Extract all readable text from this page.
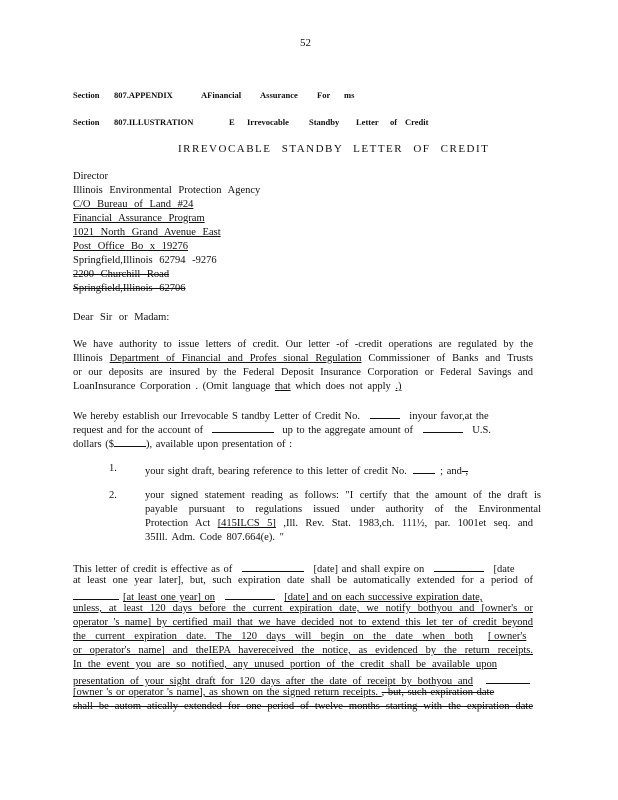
52
Section 807.APPENDIX	AFinancial Assurance For ms
Section 807.ILLUSTRATION	E Irrevocable Standby Letter of Credit
IRREVOCABLE STANDBY LETTER OF CREDIT
Director
Illinois Environmental Protection Agency
C/O Bureau of Land #24
Financial Assurance Program
1021 North Grand Avenue East
Post Office Bo x 19276
Springfield,Illinois 62794 -9276
2200 Churchill Road
Springfield,Illinois 62706
Dear Sir or Madam:
We have authority to issue letters of credit. Our letter -of -credit operations are regulated by the
Illinois Department of Financial and Profes sional Regulation Commissioner of Banks and Trusts
or our deposits are insured by the Federal Deposit Insurance Corporation or Federal Savings and
LoanInsurance Corporation . (Omit language that which does not apply .)
We hereby establish our Irrevocable S tandby Letter of Credit No.	inyour favor,at the
request and for the account of	up to the aggregate amount of	U.S.
dollars ($	), available upon presentation of :
1.	your sight draft, bearing reference to this letter of credit No.	; and ,
2.	your signed statement reading as follows: "I certify that the amount of the draft is
payable pursuant to regulations issued under authority of the Environmental
Protection Act [415ILCS 5] ,Ill. Rev. Stat. 1983,ch. 111½, par. 1001et seq. and
35Ill. Adm. Code 807.664(e). "
This letter of credit is effective as of	[date] and shall expire on	[date
at least one year later], but, such expiration date shall be automatically extended for a period of
[at least one year] on	[date] and on each successive expiration date,
unless, at least 120 days before the current expiration date, we notify bothyou and [owner's or
operator 's name] by certified mail that we have decided not to extend this let ter of credit beyond
the current expiration date. The 120 days will begin on the date when both [ owner's
or operator's name] and theIEPA havereceived the notice, as evidenced by the return receipts.
In the event you are so notified, any unused portion of the credit shall be available upon
presentation of your sight draft for 120 days after the date of receipt by bothyou and
[owner 's or operator 's name], as shown on the signed return receipts. , but, such expiration date
shall be autom atically extended for one period of twelve months starting with the expiration date
